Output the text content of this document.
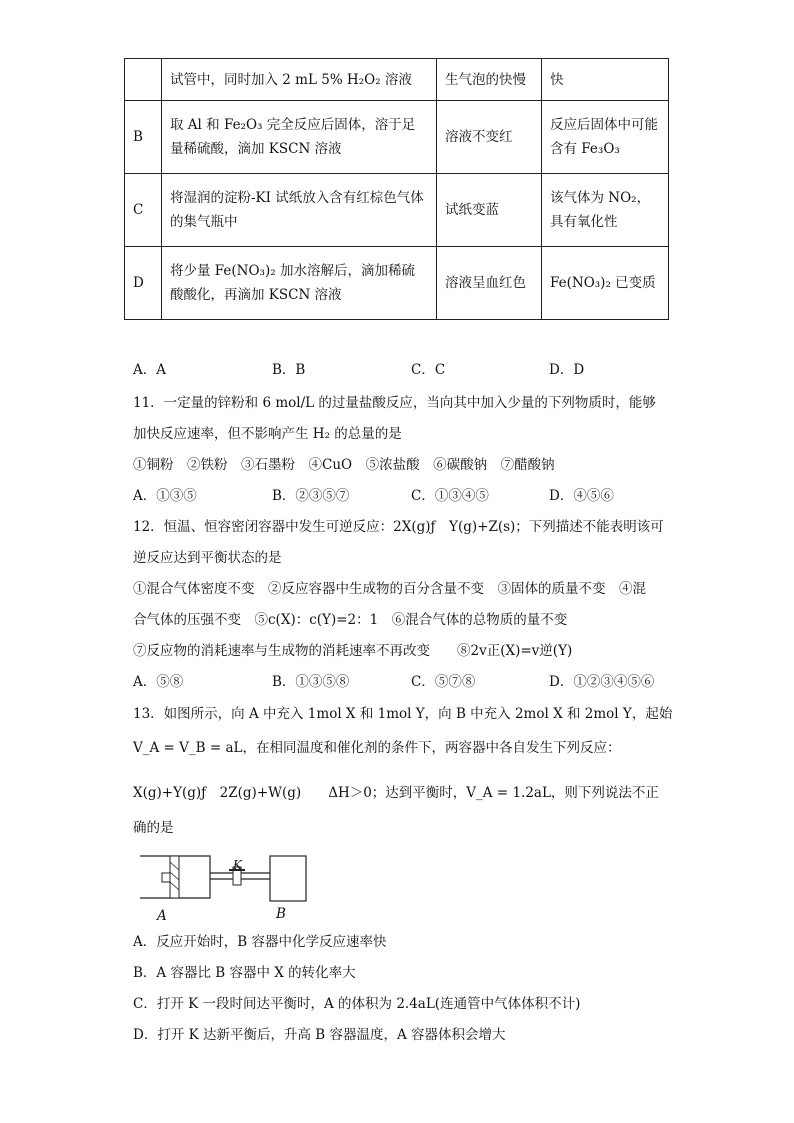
	试管中，同时加入 2 mL 5% H₂O₂ 溶液	生气泡的快慢	快
B	取 Al 和 Fe₂O₃ 完全反应后固体，溶于足量稀硫酸，滴加 KSCN 溶液	溶液不变红	反应后固体中可能含有 Fe₃O₃
C	将湿润的淀粉-KI 试纸放入含有红棕色气体的集气瓶中	试纸变蓝	该气体为 NO₂，具有氧化性
D	将少量 Fe(NO₃)₂ 加水溶解后，滴加稀硫酸酸化，再滴加 KSCN 溶液	溶液呈血红色	Fe(NO₃)₂ 已变质
A．A	B．B	C．C	D．D
11．一定量的锌粉和 6 mol/L 的过量盐酸反应，当向其中加入少量的下列物质时，能够
加快反应速率，但不影响产生 H₂ 的总量的是
①铜粉　②铁粉　③石墨粉　④CuO　⑤浓盐酸　⑥碳酸钠　⑦醋酸钠
A．①③⑤	B．②③⑤⑦	C．①③④⑤	D．④⑤⑥
12．恒温、恒容密闭容器中发生可逆反应：2X(g)ƒ　Y(g)+Z(s)；下列描述不能表明该可
逆反应达到平衡状态的是
①混合气体密度不变　②反应容器中生成物的百分含量不变　③固体的质量不变　④混
合气体的压强不变　⑤c(X)：c(Y)=2：1　⑥混合气体的总物质的量不变
⑦反应物的消耗速率与生成物的消耗速率不再改变　　⑧2v正(X)=v逆(Y)
A．⑤⑧	B．①③⑤⑧	C．⑤⑦⑧	D．①②③④⑤⑥
13．如图所示，向 A 中充入 1mol X 和 1mol Y，向 B 中充入 2mol X 和 2mol Y，起始
V_A = V_B = aL，在相同温度和催化剂的条件下，两容器中各自发生下列反应：
X(g)+Y(g)ƒ　2Z(g)+W(g)　　ΔH＞0；达到平衡时，V_A = 1.2aL，则下列说法不正
确的是
A	B
K
A．反应开始时，B 容器中化学反应速率快
B．A 容器比 B 容器中 X 的转化率大
C．打开 K 一段时间达平衡时，A 的体积为 2.4aL(连通管中气体体积不计)
D．打开 K 达新平衡后，升高 B 容器温度，A 容器体积会增大
